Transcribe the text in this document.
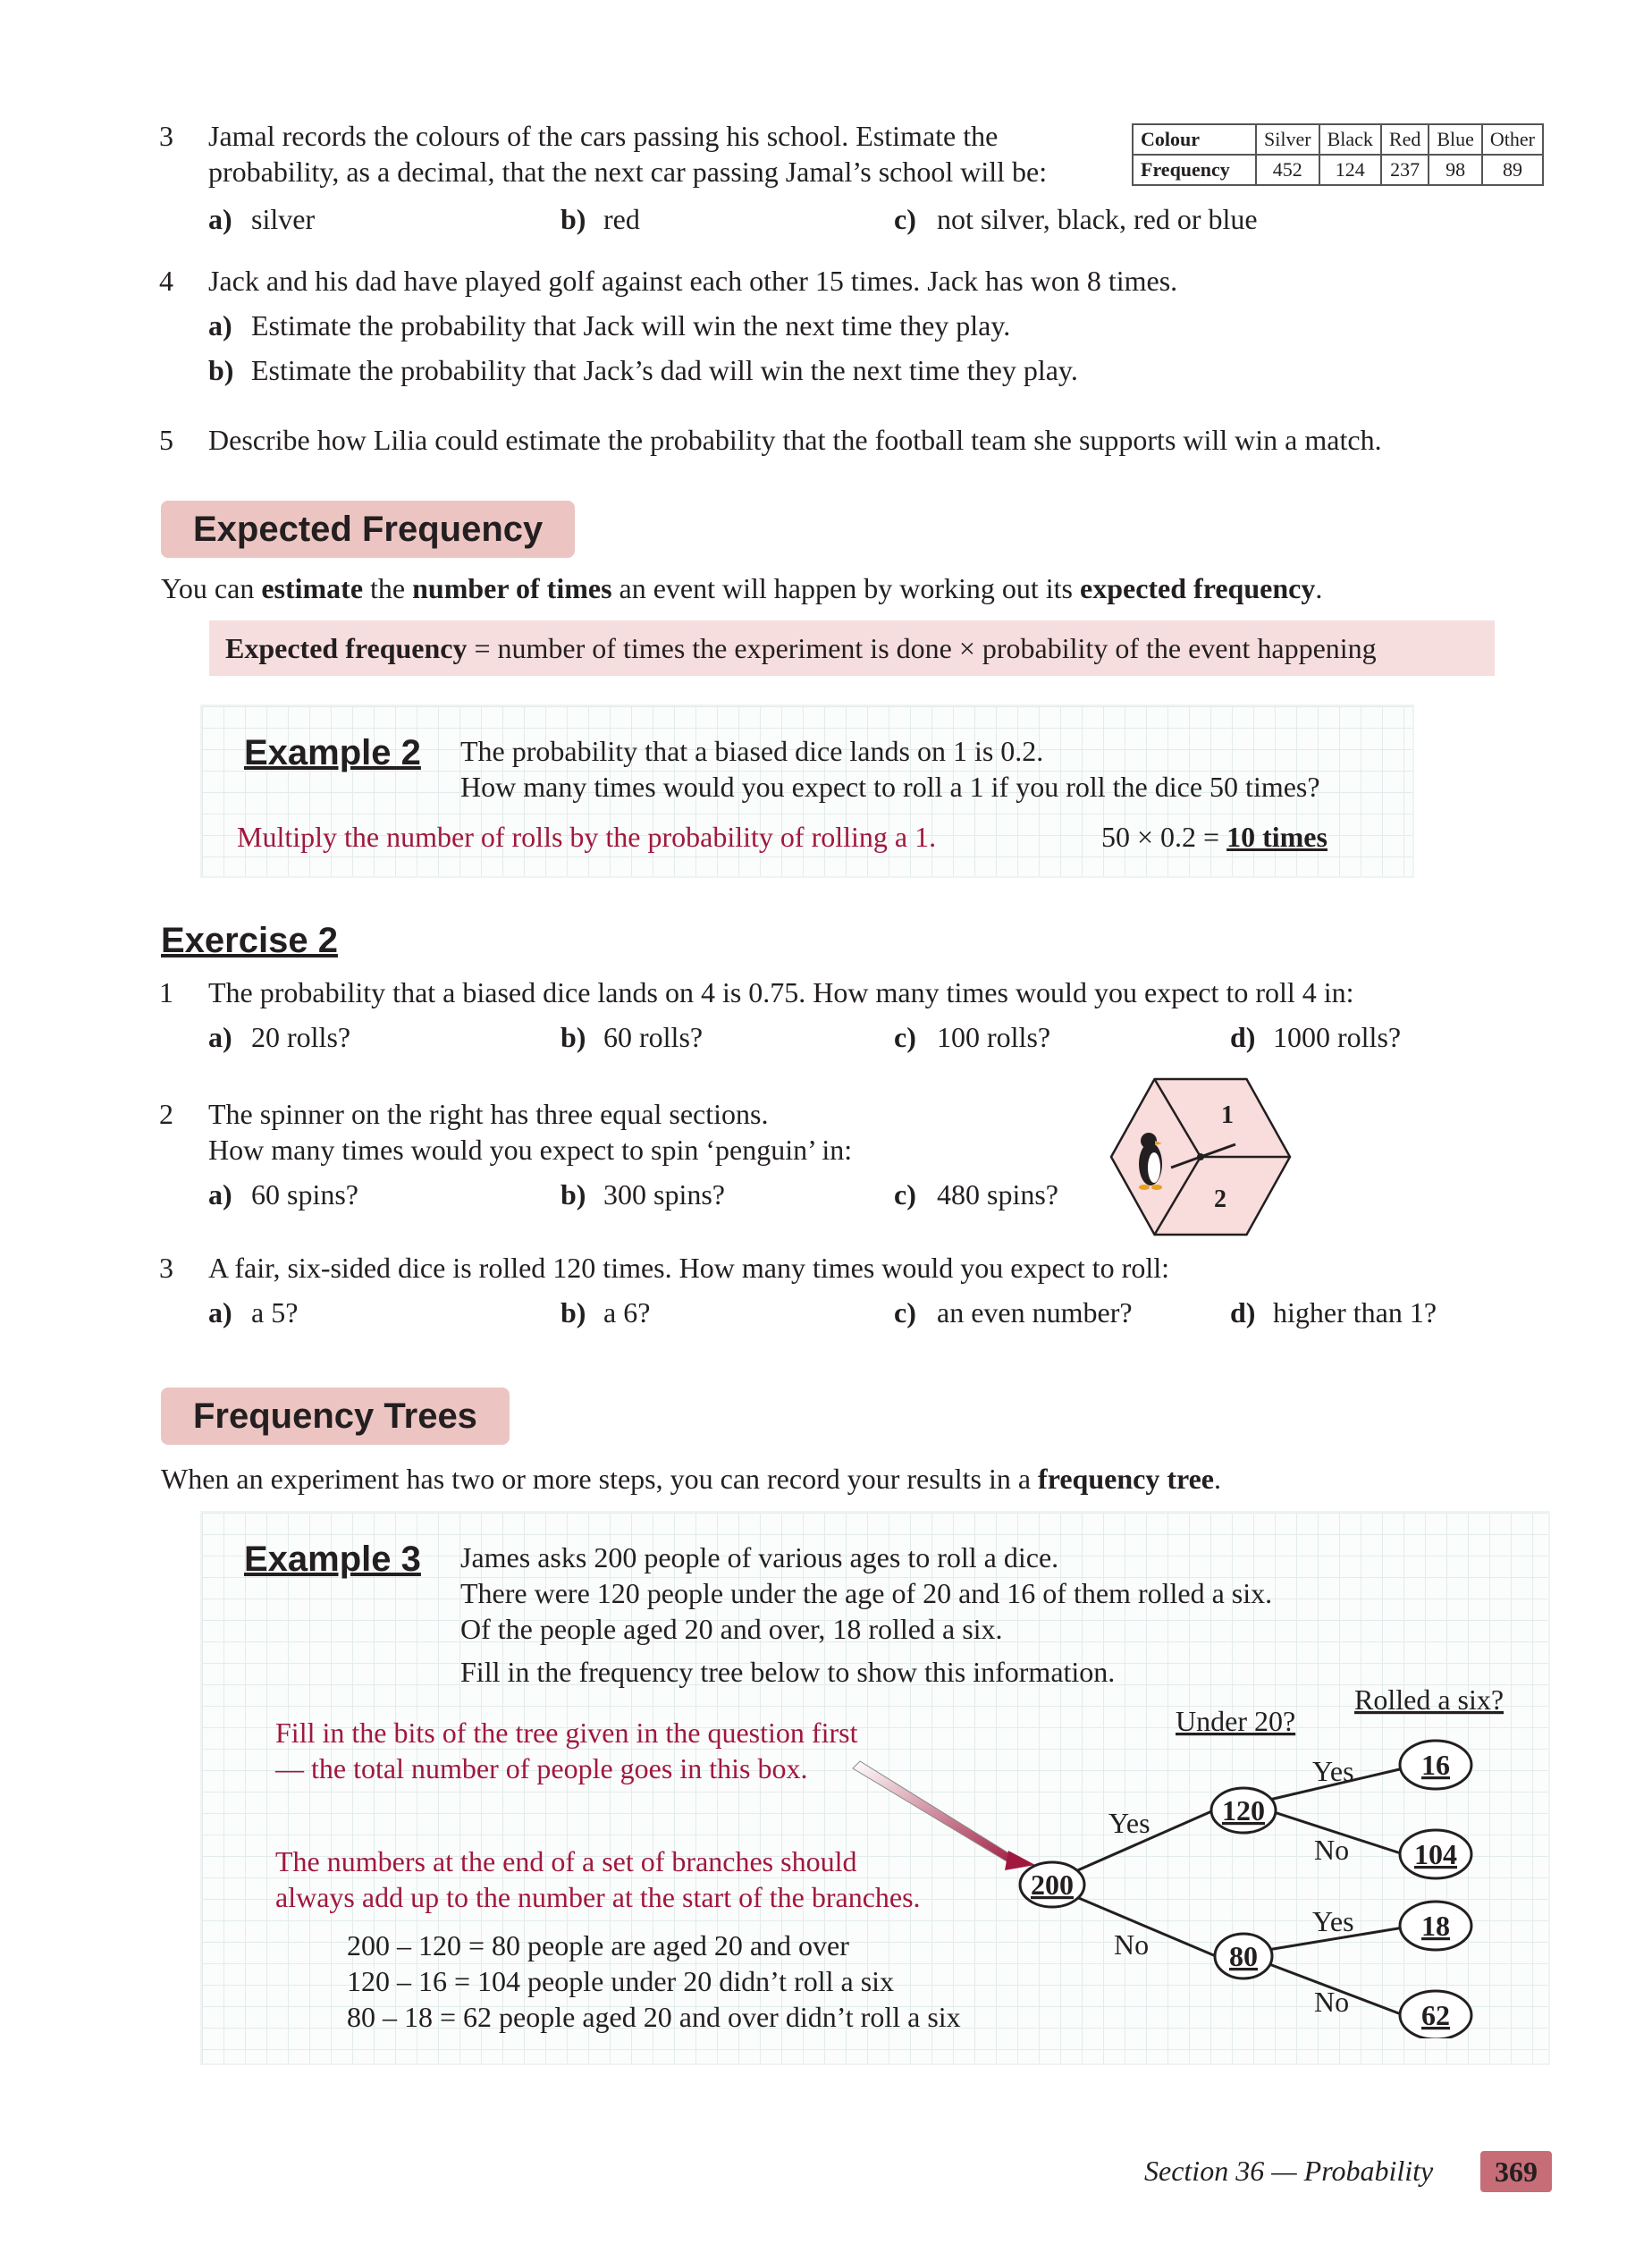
3 Jamal records the colours of the cars passing his school. Estimate the
probability, as a decimal, that the next car passing Jamal’s school will be:
a) silver	b) red	c) not silver, black, red or blue
Colour	Silver	Black	Red	Blue	Other
Frequency	452	124	237	98	89
4 Jack and his dad have played golf against each other 15 times. Jack has won 8 times.
a) Estimate the probability that Jack will win the next time they play.
b) Estimate the probability that Jack’s dad will win the next time they play.
5 Describe how Lilia could estimate the probability that the football team she supports will win a match.
Expected Frequency
You can estimate the number of times an event will happen by working out its expected frequency.
Expected frequency = number of times the experiment is done × probability of the event happening
Example 2 The probability that a biased dice lands on 1 is 0.2.
How many times would you expect to roll a 1 if you roll the dice 50 times?
Multiply the number of rolls by the probability of rolling a 1.	50 × 0.2 = 10 times
Exercise 2
1 The probability that a biased dice lands on 4 is 0.75. How many times would you expect to roll 4 in:
a) 20 rolls?	b) 60 rolls?	c) 100 rolls?	d) 1000 rolls?
2 The spinner on the right has three equal sections.
How many times would you expect to spin ‘penguin’ in:
a) 60 spins?	b) 300 spins?	c) 480 spins?
1
2
3 A fair, six-sided dice is rolled 120 times. How many times would you expect to roll:
a) a 5?	b) a 6?	c) an even number?	d) higher than 1?
Frequency Trees
When an experiment has two or more steps, you can record your results in a frequency tree.
Example 3 James asks 200 people of various ages to roll a dice.
There were 120 people under the age of 20 and 16 of them rolled a six.
Of the people aged 20 and over, 18 rolled a six.
Fill in the frequency tree below to show this information.
Fill in the bits of the tree given in the question first
— the total number of people goes in this box.
The numbers at the end of a set of branches should
always add up to the number at the start of the branches.
200 – 120 = 80 people are aged 20 and over
120 – 16 = 104 people under 20 didn’t roll a six
80 – 18 = 62 people aged 20 and over didn’t roll a six
Under 20?
Rolled a six?
Yes
No
Yes
No
Yes
No
200
120
80
16
104
18
62
Section 36 — Probability	369
